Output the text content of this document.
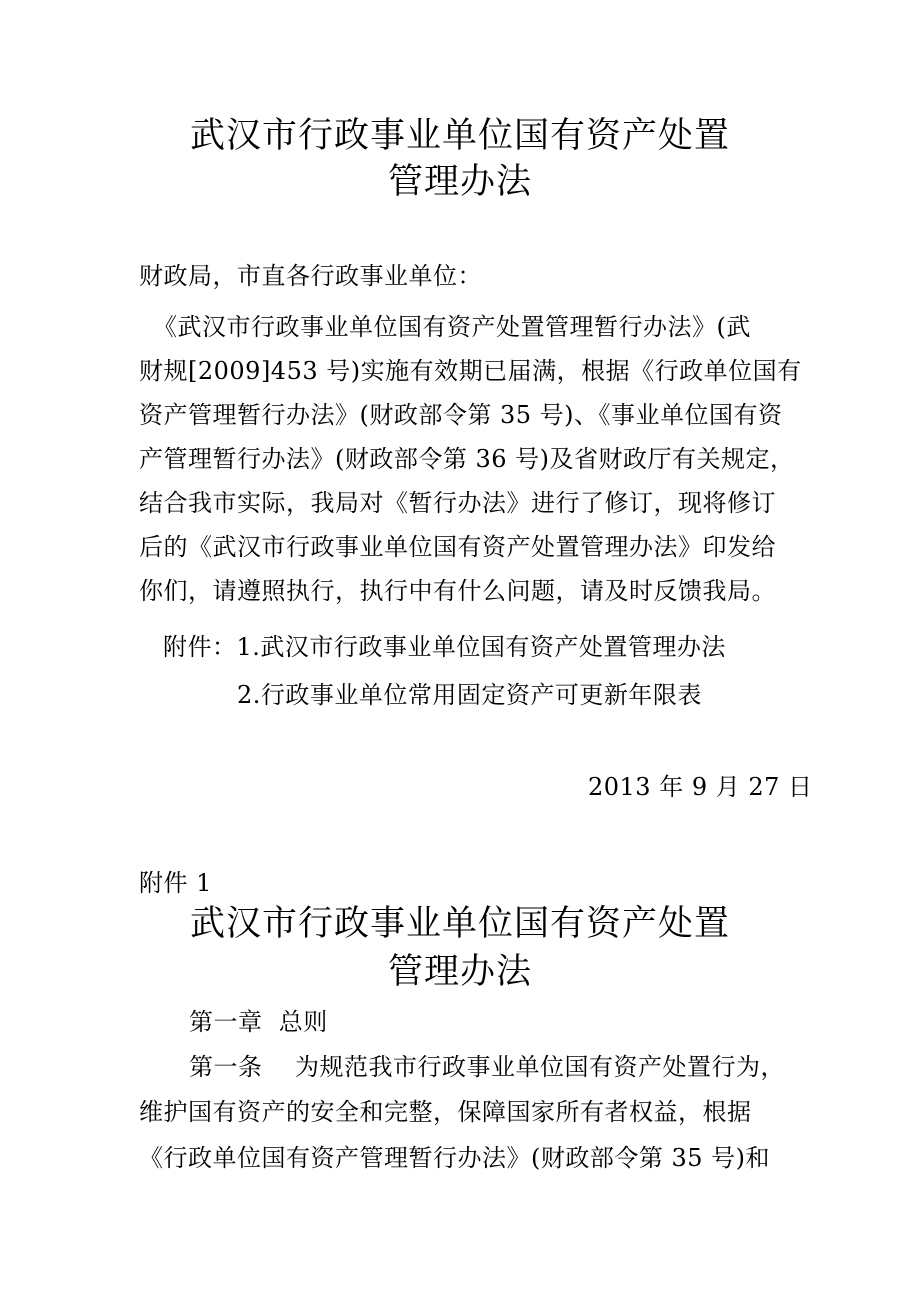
武汉市行政事业单位国有资产处置
管理办法
财政局，市直各行政事业单位：
《武汉市行政事业单位国有资产处置管理暂行办法》(武
财规[2009]453 号)实施有效期已届满，根据《行政单位国有
资产管理暂行办法》(财政部令第 35 号)、《事业单位国有资
产管理暂行办法》(财政部令第 36 号)及省财政厅有关规定，
结合我市实际，我局对《暂行办法》进行了修订，现将修订
后的《武汉市行政事业单位国有资产处置管理办法》印发给
你们，请遵照执行，执行中有什么问题，请及时反馈我局。
附件：1.武汉市行政事业单位国有资产处置管理办法
2.行政事业单位常用固定资产可更新年限表
2013 年 9 月 27 日
附件 1
武汉市行政事业单位国有资产处置
管理办法
第一章  总则
第一条    为规范我市行政事业单位国有资产处置行为，
维护国有资产的安全和完整，保障国家所有者权益，根据
《行政单位国有资产管理暂行办法》(财政部令第 35 号)和
